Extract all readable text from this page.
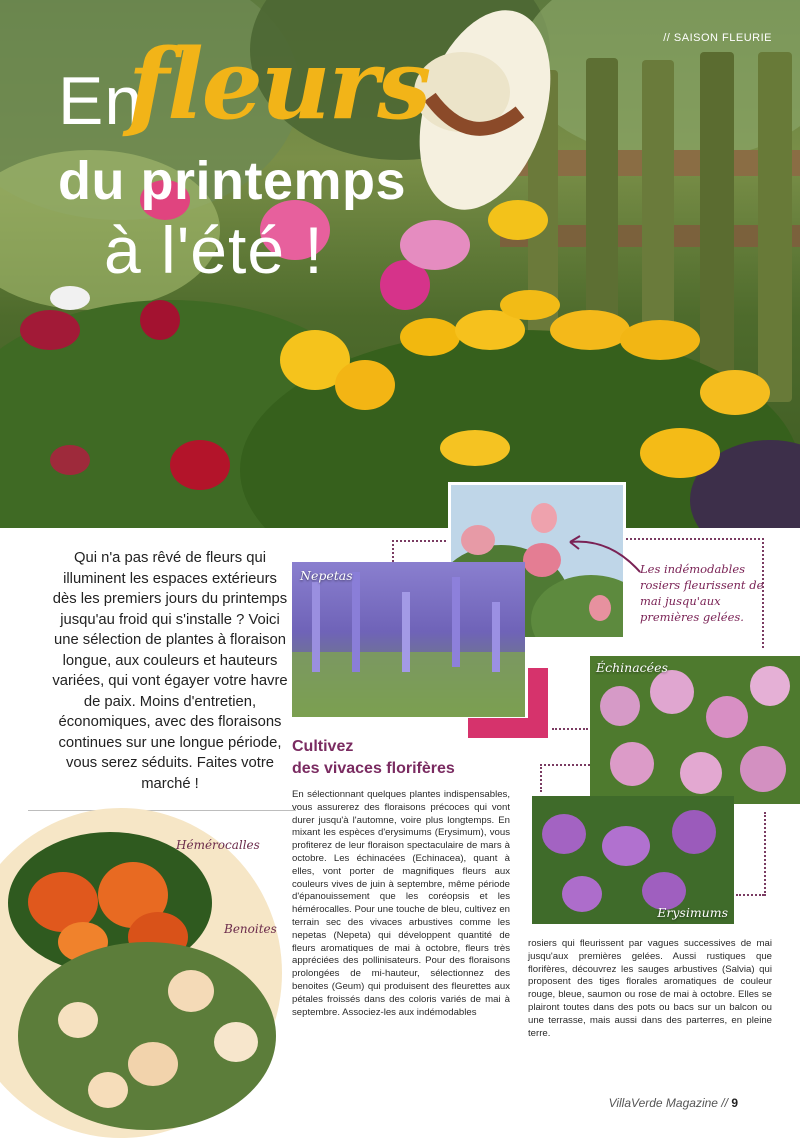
// SAISON FLEURIE
En
fleurs
du printemps
à l'été !
Qui n'a pas rêvé de fleurs qui illuminent les espaces extérieurs dès les premiers jours du printemps jusqu'au froid qui s'installe ? Voici une sélection de plantes à floraison longue, aux couleurs et hauteurs variées, qui vont égayer votre havre de paix. Moins d'entretien, économiques, avec des floraisons continues sur une longue période, vous serez séduits. Faites votre marché !
Les indémodables rosiers fleurissent de mai jusqu'aux premières gelées.
Nepetas
Échinacées
Erysimums
Hémérocalles
Benoites
Cultivez
des vivaces florifères
En sélectionnant quelques plantes indispensables, vous assurerez des floraisons précoces qui vont durer jusqu'à l'automne, voire plus longtemps. En mixant les espèces d'erysimums (Erysimum), vous profiterez de leur floraison spectaculaire de mars à octobre. Les échinacées (Echinacea), quant à elles, vont porter de magnifiques fleurs aux couleurs vives de juin à septembre, même période d'épanouissement que les coréopsis et les hémérocalles. Pour une touche de bleu, cultivez en terrain sec des vivaces arbustives comme les nepetas (Nepeta) qui développent quantité de fleurs aromatiques de mai à octobre, fleurs très appréciées des pollinisateurs. Pour des floraisons prolongées de mi-hauteur, sélectionnez des benoites (Geum) qui produisent des fleurettes aux pétales froissés dans des coloris variés de mai à septembre. Associez-les aux indémodables
rosiers qui fleurissent par vagues successives de mai jusqu'aux premières gelées. Aussi rustiques que florifères, découvrez les sauges arbustives (Salvia) qui proposent des tiges florales aromatiques de couleur rouge, bleue, saumon ou rose de mai à octobre. Elles se plairont toutes dans des pots ou bacs sur un balcon ou une terrasse, mais aussi dans des parterres, en pleine terre.
VillaVerde Magazine // 9
